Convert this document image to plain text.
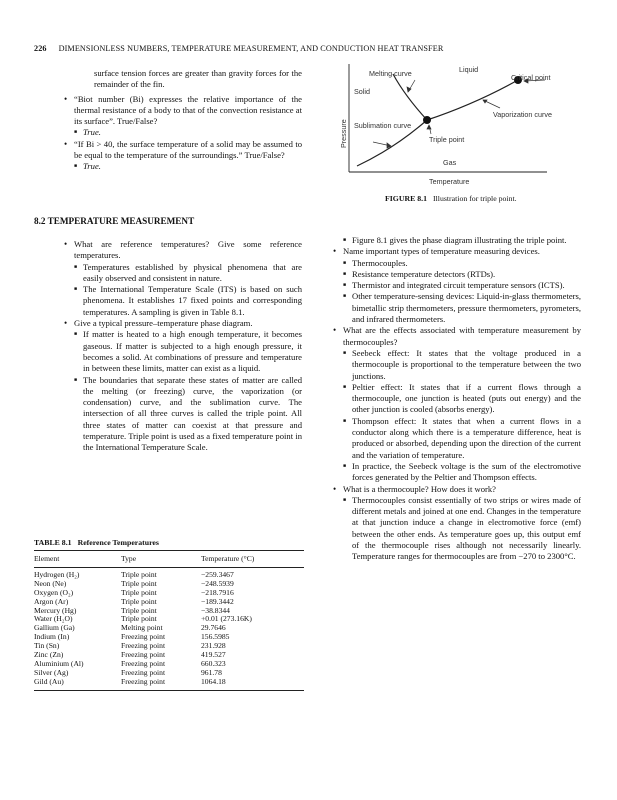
226 DIMENSIONLESS NUMBERS, TEMPERATURE MEASUREMENT, AND CONDUCTION HEAT TRANSFER

surface tension forces are greater than gravity forces for the remainder of the fin.

• “Biot number (Bi) expresses the relative importance of the thermal resistance of a body to that of the convection resistance at its surface”. True/False?

■ True.

• “If Bi > 40, the surface temperature of a solid may be assumed to be equal to the temperature of the surroundings.” True/False?

■ True.

Melting curve	Liquid
Critical point
Solid
Pressure
Vaporization curve
Sublimation curve
Triple point
Gas
Temperature
FIGURE 8.1 Illustration for triple point.
8.2 TEMPERATURE MEASUREMENT

• What are reference temperatures? Give some reference temperatures.

■ Temperatures established by physical phenomena that are easily observed and consistent in nature.

■ The International Temperature Scale (ITS) is based on such phenomena. It establishes 17 fixed points and corresponding temperatures. A sampling is given in Table 8.1.

• Give a typical pressure–temperature phase diagram.

■ If matter is heated to a high enough temperature, it becomes gaseous. If matter is subjected to a high enough pressure, it becomes a solid. At combinations of pressure and temperature in between these limits, matter can exist as a liquid.

■ The boundaries that separate these states of matter are called the melting (or freezing) curve, the vaporization (or condensation) curve, and the sublimation curve. The intersection of all three curves is called the triple point. All three states of matter can coexist at that pressure and temperature. Triple point is used as a fixed temperature point in the International Temperature Scale.

TABLE 8.1 Reference Temperatures
Element	Type	Temperature (°C)
Hydrogen (H₂)	Triple point	−259.3467
Neon (Ne)	Triple point	−248.5939
Oxygen (O₂)	Triple point	−218.7916
Argon (Ar)	Triple point	−189.3442
Mercury (Hg)	Triple point	−38.8344
Water (H₂O)	Triple point	+0.01 (273.16K)
Gallium (Ga)	Melting point	29.7646
Indium (In)	Freezing point	156.5985
Tin (Sn)	Freezing point	231.928
Zinc (Zn)	Freezing point	419.527
Aluminium (Al)	Freezing point	660.323
Silver (Ag)	Freezing point	961.78
Gild (Au)	Freezing point	1064.18

■ Figure 8.1 gives the phase diagram illustrating the triple point.

• Name important types of temperature measuring devices.

■ Thermocouples.

■ Resistance temperature detectors (RTDs).

■ Thermistor and integrated circuit temperature sensors (ICTS).

■ Other temperature-sensing devices: Liquid-in-glass thermometers, bimetallic strip thermometers, pressure thermometers, pyrometers, and infrared thermometers.

• What are the effects associated with temperature measurement by thermocouples?

■ Seebeck effect: It states that the voltage produced in a thermocouple is proportional to the temperature between the two junctions.

■ Peltier effect: It states that if a current flows through a thermocouple, one junction is heated (puts out energy) and the other junction is cooled (absorbs energy).

■ Thompson effect: It states that when a current flows in a conductor along which there is a temperature difference, heat is produced or absorbed, depending upon the direction of the current and the variation of temperature.

■ In practice, the Seebeck voltage is the sum of the electromotive forces generated by the Peltier and Thompson effects.

• What is a thermocouple? How does it work?

■ Thermocouples consist essentially of two strips or wires made of different metals and joined at one end. Changes in the temperature at that junction induce a change in electromotive force (emf) between the other ends. As temperature goes up, this output emf of the thermocouple rises although not necessarily linearly. Temperature ranges for thermocouples are from −270 to 2300°C.
